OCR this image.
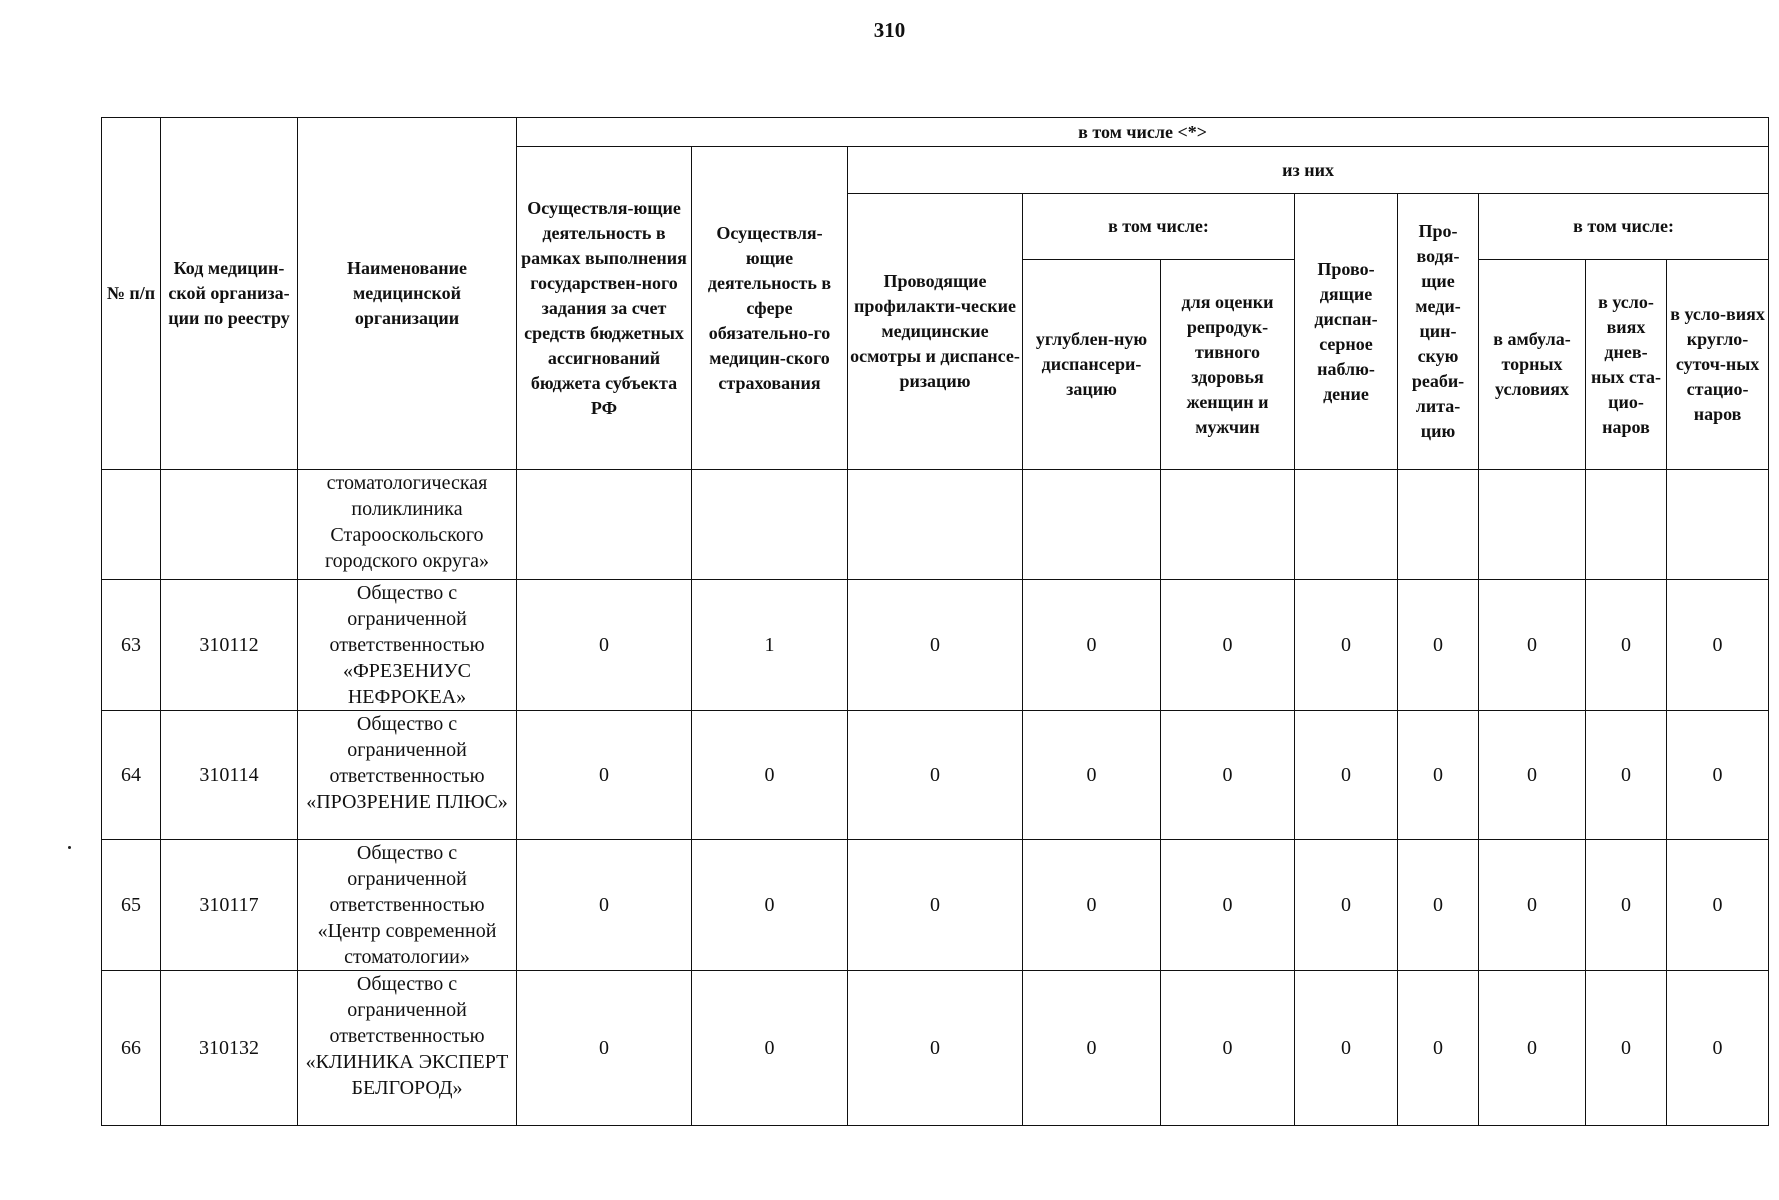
310
№ п/п	Код медицин-ской организа-ции по реестру	Наименование медицинской организации	в том числе <*>									
			Осуществля-ющие деятельность в рамках выполнения государствен-ного задания за счет средств бюджетных ассигнований бюджета субъекта РФ	Осуществля-ющие деятельность в сфере обязательно-го медицин-ского страхования	из них							
					Проводящие профилакти-ческие медицинские осмотры и диспансе-ризацию	в том числе:		Прово-дящие диспан-серное наблю-дение	Про-водя-щие меди-цин-скую реаби-лита-цию	в том числе:		
						углублен-ную диспансери-зацию	для оценки репродук-тивного здоровья женщин и мужчин			в амбула-торных условиях	в усло-виях днев-ных ста-цио-наров	в усло-виях кругло-суточ-ных стацио-наров
		стоматологическая поликлиника Старооскольского городского округа»										
63	310112	Общество с ограниченной ответственностью «ФРЕЗЕНИУС НЕФРОКЕА»	0	1	0	0	0	0	0	0	0	0
64	310114	Общество с ограниченной ответственностью «ПРОЗРЕНИЕ ПЛЮС»	0	0	0	0	0	0	0	0	0	0
65	310117	Общество с ограниченной ответственностью «Центр современной стоматологии»	0	0	0	0	0	0	0	0	0	0
66	310132	Общество с ограниченной ответственностью «КЛИНИКА ЭКСПЕРТ БЕЛГОРОД»	0	0	0	0	0	0	0	0	0	0
